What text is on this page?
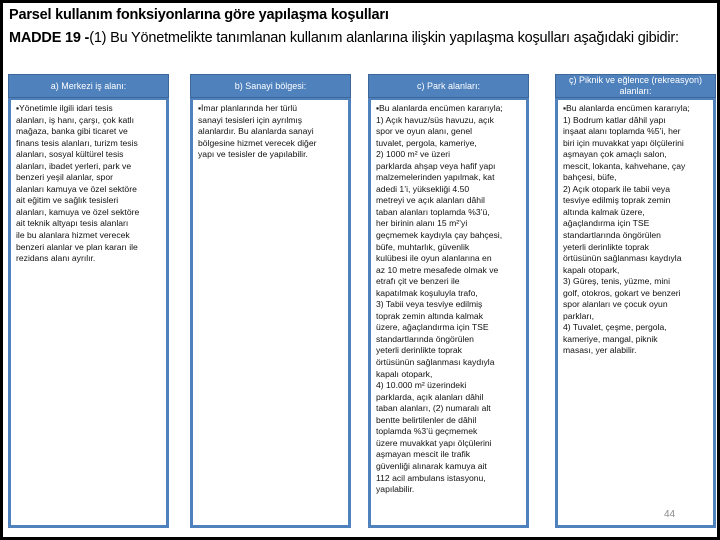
Parsel kullanım fonksiyonlarına göre yapılaşma koşulları
MADDE 19 -(1) Bu Yönetmelikte tanımlanan kullanım alanlarına ilişkin yapılaşma koşulları aşağıdaki gibidir:
a) Merkezi iş alanı:
▪Yönetimle ilgili idari tesis
alanları, iş hanı, çarşı, çok katlı
mağaza, banka gibi ticaret ve
finans tesis alanları, turizm tesis
alanları, sosyal kültürel tesis
alanları, ibadet yerleri, park ve
benzeri yeşil alanlar, spor
alanları kamuya ve özel sektöre
ait eğitim ve sağlık tesisleri
alanları, kamuya ve özel sektöre
ait teknik altyapı tesis alanları
ile bu alanlara hizmet verecek
benzeri alanlar ve plan kararı ile
rezidans alanı ayrılır.
b) Sanayi bölgesi:
▪İmar planlarında her türlü
sanayi tesisleri için ayrılmış
alanlardır. Bu alanlarda sanayi
bölgesine hizmet verecek diğer
yapı ve tesisler de yapılabilir.
c) Park alanları:
▪Bu alanlarda encümen kararıyla;
1) Açık havuz/süs havuzu, açık
spor ve oyun alanı, genel
tuvalet, pergola, kameriye,
2) 1000 m² ve üzeri
parklarda ahşap veya hafif yapı
malzemelerinden yapılmak, kat
adedi 1’i, yüksekliği 4.50
metreyi ve açık alanları dâhil
taban alanları toplamda %3’ü,
her birinin alanı 15 m²’yi
geçmemek kaydıyla çay bahçesi,
büfe, muhtarlık, güvenlik
kulübesi ile oyun alanlarına en
az 10 metre mesafede olmak ve
etrafı çit ve benzeri ile
kapatılmak koşuluyla trafo,
3) Tabii veya tesviye edilmiş
toprak zemin altında kalmak
üzere, ağaçlandırma için TSE
standartlarında öngörülen
yeterli derinlikte toprak
örtüsünün sağlanması kaydıyla
kapalı otopark,
4) 10.000 m² üzerindeki
parklarda, açık alanları dâhil
taban alanları, (2) numaralı alt
bentte belirtilenler de dâhil
toplamda %3’ü geçmemek
üzere muvakkat yapı ölçülerini
aşmayan mescit ile trafik
güvenliği alınarak kamuya ait
112 acil ambulans istasyonu,
yapılabilir.
ç) Piknik ve eğlence (rekreasyon) alanları:
▪Bu alanlarda encümen kararıyla;
1) Bodrum katlar dâhil yapı
inşaat alanı toplamda %5’i, her
biri için muvakkat yapı ölçülerini
aşmayan çok amaçlı salon,
mescit, lokanta, kahvehane, çay
bahçesi, büfe,
2) Açık otopark ile tabii veya
tesviye edilmiş toprak zemin
altında kalmak üzere,
ağaçlandırma için TSE
standartlarında öngörülen
yeterli derinlikte toprak
örtüsünün sağlanması kaydıyla
kapalı otopark,
3) Güreş, tenis, yüzme, mini
golf, otokros, gokart ve benzeri
spor alanları ve çocuk oyun
parkları,
4) Tuvalet, çeşme, pergola,
kameriye, mangal, piknik
masası, yer alabilir.
44
